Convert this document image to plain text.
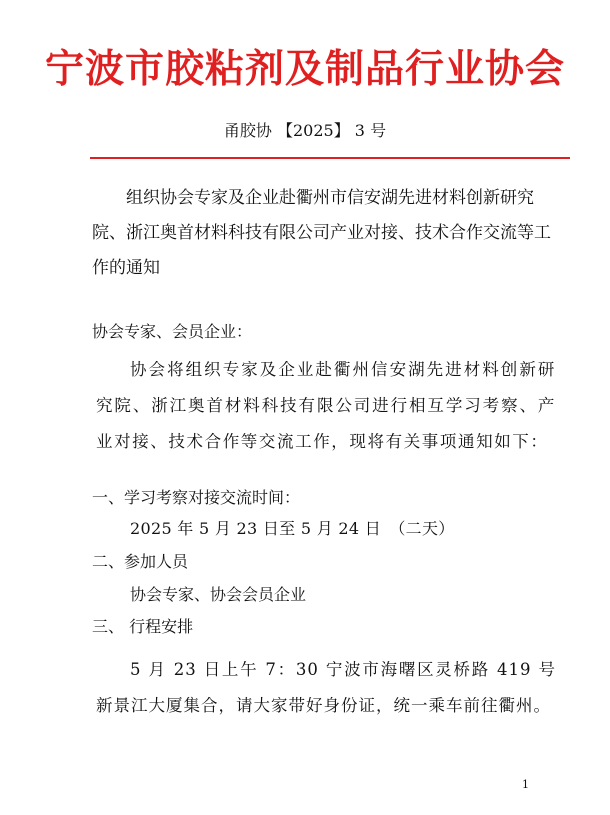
宁波市胶粘剂及制品行业协会
甬胶协 【2025】 3 号
组织协会专家及企业赴衢州市信安湖先进材料创新研究院、浙江奥首材料科技有限公司产业对接、技术合作交流等工作的通知
协会专家、会员企业：
协会将组织专家及企业赴衢州信安湖先进材料创新研究院、浙江奥首材料科技有限公司进行相互学习考察、产业对接、技术合作等交流工作，现将有关事项通知如下：
一、学习考察对接交流时间：
2025 年 5 月 23 日至 5 月 24 日　（二天）
二、参加人员
协会专家、协会会员企业
三、 行程安排
5 月 23 日上午 7：30 宁波市海曙区灵桥路 419 号新景江大厦集合，请大家带好身份证，统一乘车前往衢州。
1
